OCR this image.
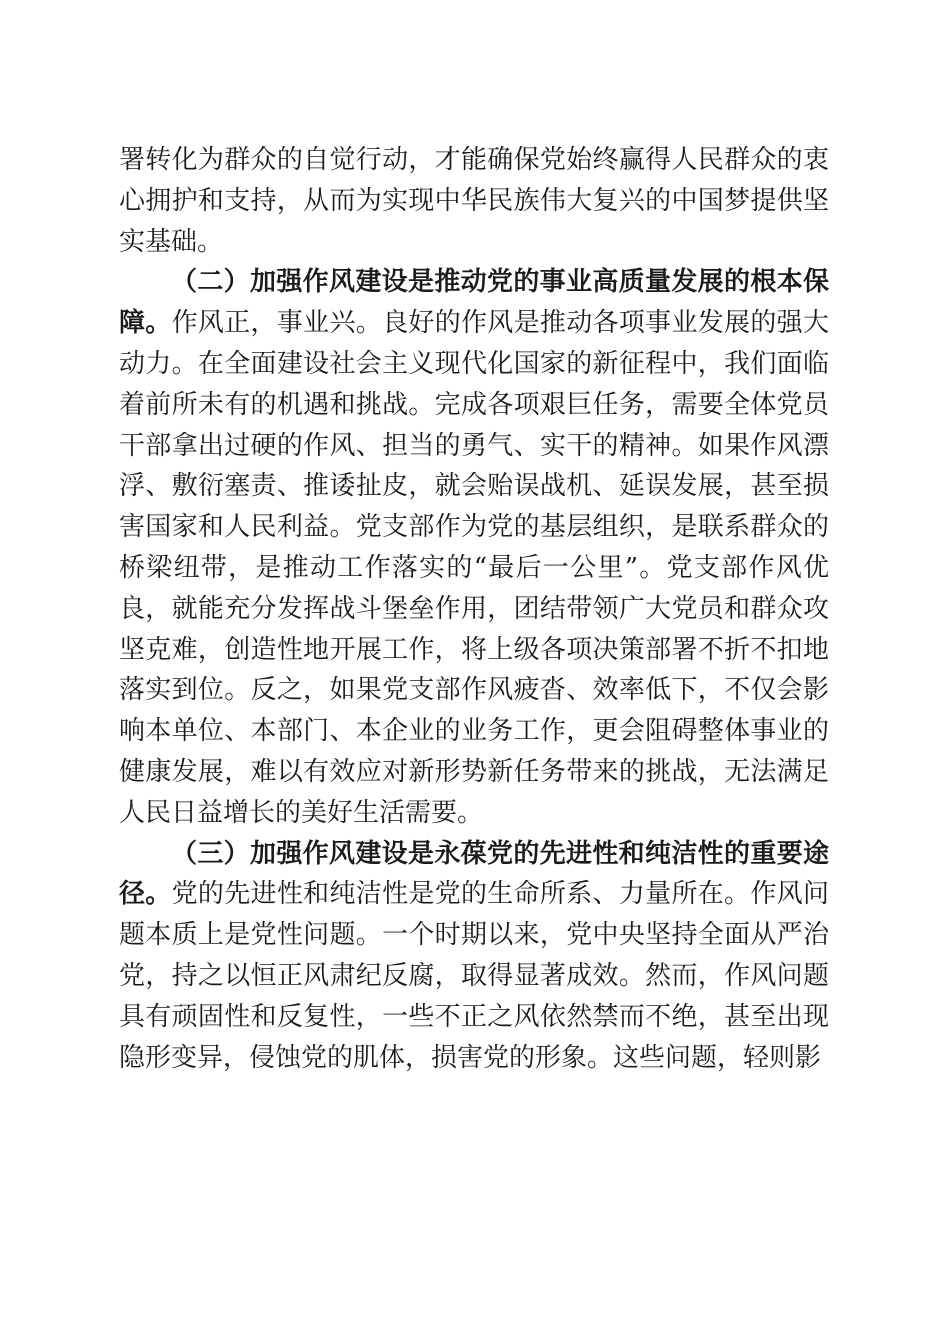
署转化为群众的自觉行动，才能确保党始终赢得人民群众的衷心拥护和支持，从而为实现中华民族伟大复兴的中国梦提供坚实基础。

（二）加强作风建设是推动党的事业高质量发展的根本保障。作风正，事业兴。良好的作风是推动各项事业发展的强大动力。在全面建设社会主义现代化国家的新征程中，我们面临着前所未有的机遇和挑战。完成各项艰巨任务，需要全体党员干部拿出过硬的作风、担当的勇气、实干的精神。如果作风漂浮、敷衍塞责、推诿扯皮，就会贻误战机、延误发展，甚至损害国家和人民利益。党支部作为党的基层组织，是联系群众的桥梁纽带，是推动工作落实的“最后一公里”。党支部作风优良，就能充分发挥战斗堡垒作用，团结带领广大党员和群众攻坚克难，创造性地开展工作，将上级各项决策部署不折不扣地落实到位。反之，如果党支部作风疲沓、效率低下，不仅会影响本单位、本部门、本企业的业务工作，更会阻碍整体事业的健康发展，难以有效应对新形势新任务带来的挑战，无法满足人民日益增长的美好生活需要。

（三）加强作风建设是永葆党的先进性和纯洁性的重要途径。党的先进性和纯洁性是党的生命所系、力量所在。作风问题本质上是党性问题。一个时期以来，党中央坚持全面从严治党，持之以恒正风肃纪反腐，取得显著成效。然而，作风问题具有顽固性和反复性，一些不正之风依然禁而不绝，甚至出现隐形变异，侵蚀党的肌体，损害党的形象。这些问题，轻则影
